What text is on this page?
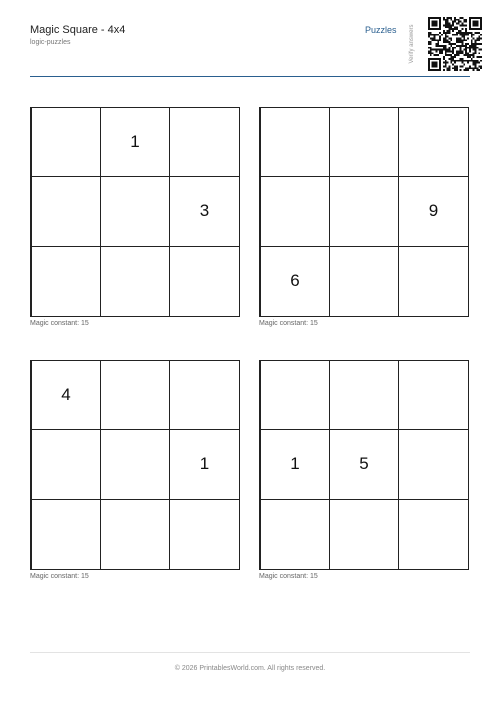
Magic Square - 4x4
logic-puzzles
Puzzles Verify answers
1
3
Magic constant: 15
9
6
Magic constant: 15
4
1
Magic constant: 15
1	5
Magic constant: 15
© 2026 PrintablesWorld.com. All rights reserved.
